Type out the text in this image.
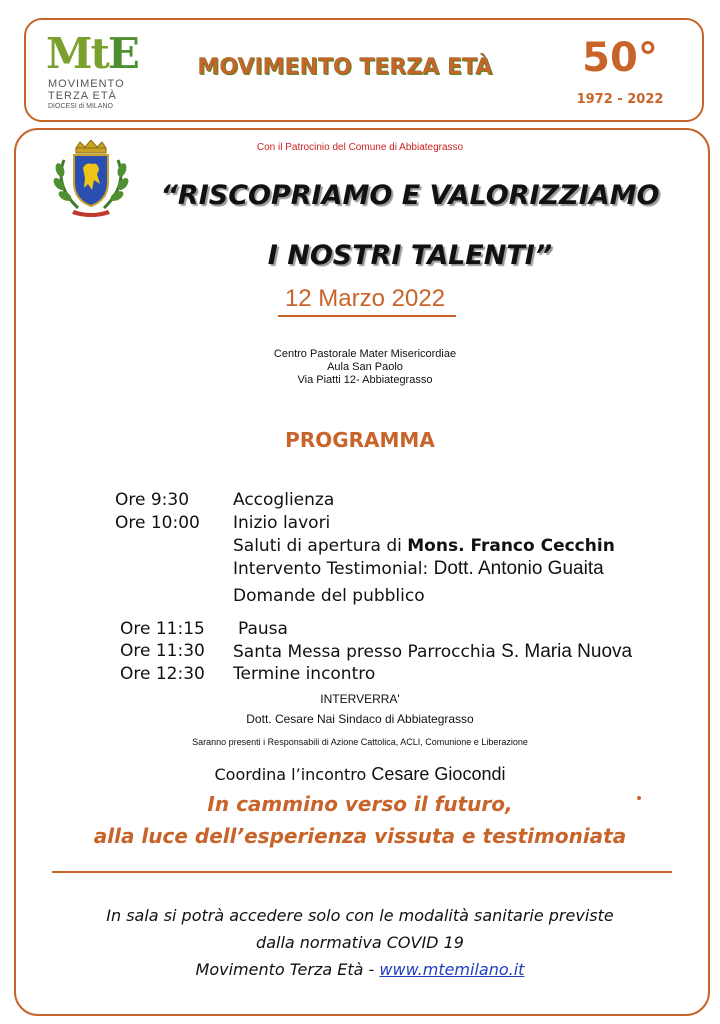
MtE
MOVIMENTO
TERZA ETÀ
DIOCESI di MILANO
MOVIMENTO TERZA ETÀ	50°
1972 - 2022
Con il Patrocinio del Comune di Abbiategrasso
“RISCOPRIAMO E VALORIZZIAMO
I NOSTRI TALENTI”
12 Marzo 2022
Centro Pastorale Mater Misericordiae
Aula San Paolo
Via Piatti 12- Abbiategrasso
PROGRAMMA
Ore 9:30	Accoglienza
Ore 10:00 Inizio lavori
Saluti di apertura di Mons. Franco Cecchin
Intervento Testimonial: Dott. Antonio Guaita
Domande del pubblico
Ore 11:15 Pausa
Ore 11:30 Santa Messa presso Parrocchia S. Maria Nuova
Ore 12:30 Termine incontro
INTERVERRA'
Dott. Cesare Nai Sindaco di Abbiategrasso
Saranno presenti i Responsabili di Azione Cattolica, ACLI, Comunione e Liberazione
Coordina l’incontro Cesare Giocondi
In cammino verso il futuro,
alla luce dell’esperienza vissuta e testimoniata
In sala si potrà accedere solo con le modalità sanitarie previste
dalla normativa COVID 19
Movimento Terza Età - www.mtemilano.it
